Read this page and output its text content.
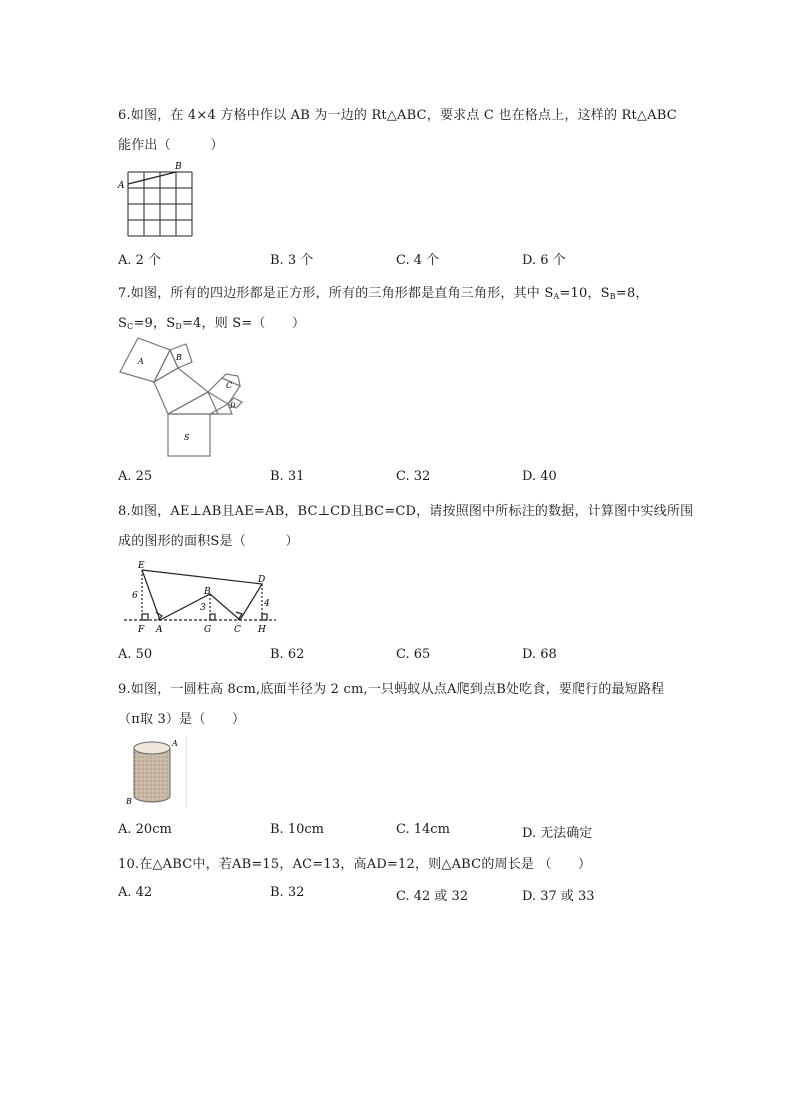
6.如图，在 4×4 方格中作以 AB 为一边的 Rt△ABC，要求点 C 也在格点上，这样的 Rt△ABC
能作出（　　　）
A
B
A. 2 个	B. 3 个	C. 4 个	D. 6 个
7.如图，所有的四边形都是正方形，所有的三角形都是直角三角形，其中 $S_A=10$，$S_B=8$，
$S_C=9$，$S_D=4$，则 S=（　　）
A	B
C
D
S
A. 25	B. 31	C. 32	D. 40
8.如图，AE⊥AB且AE=AB，BC⊥CD且BC=CD，请按照图中所标注的数据，计算图中实线所围
成的图形的面积S是（　　　）
E
D
B
F A	G	C H
6
3	4
A. 50	B. 62	C. 65	D. 68
9.如图，一圆柱高 8cm,底面半径为 2 cm,一只蚂蚁从点A爬到点B处吃食，要爬行的最短路程
（π取 3）是（　　）
A
B
A. 20cm	B. 10cm	C. 14cm	D. 无法确定
10.在△ABC中，若AB=15，AC=13，高AD=12，则△ABC的周长是 （　　）
A. 42	B. 32	C. 42 或 32	D. 37 或 33
